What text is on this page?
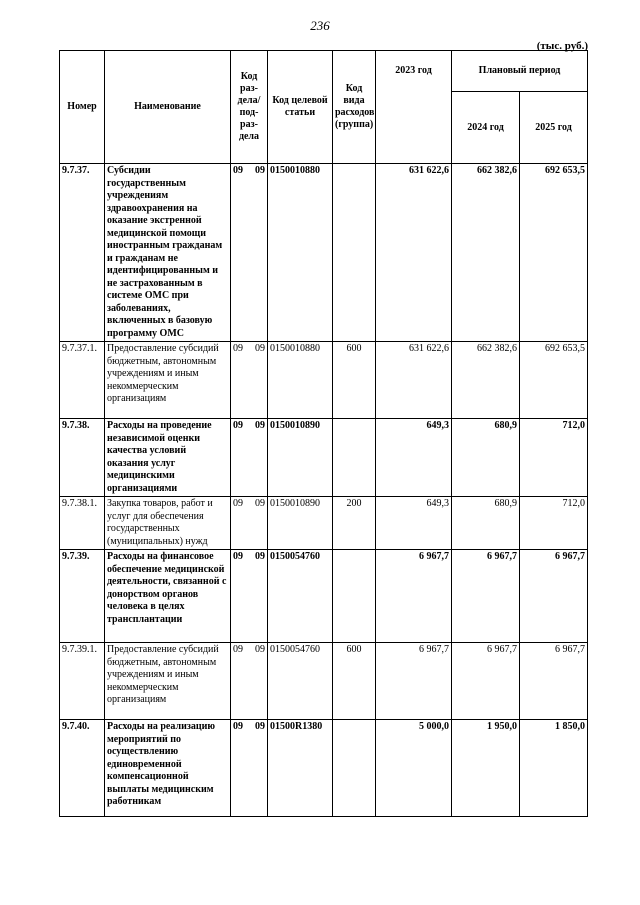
236
(тыс. руб.)
Номер	Наименование	Код раз-дела/ под-раз-дела	Код целевой статьи	Код вида расходов (группа)	2023 год	Плановый период	
						2024 год	2025 год
9.7.37.	Субсидии государственным учреждениям здравоохранения на оказание экстренной медицинской помощи иностранным гражданам и гражданам не идентифицированным и не застрахованным в системе ОМС при заболеваниях, включенных в базовую программу ОМС	09 09	0150010880		631 622,6	662 382,6	692 653,5
9.7.37.1.	Предоставление субсидий бюджетным, автономным учреждениям и иным некоммерческим организациям	09 09	0150010880	600	631 622,6	662 382,6	692 653,5
9.7.38.	Расходы на проведение независимой оценки качества условий оказания услуг медицинскими организациями	09 09	0150010890		649,3	680,9	712,0
9.7.38.1.	Закупка товаров, работ и услуг для обеспечения государственных (муниципальных) нужд	09 09	0150010890	200	649,3	680,9	712,0
9.7.39.	Расходы на финансовое обеспечение медицинской деятельности, связанной с донорством органов человека в целях трансплантации	09 09	0150054760		6 967,7	6 967,7	6 967,7
9.7.39.1.	Предоставление субсидий бюджетным, автономным учреждениям и иным некоммерческим организациям	09 09	0150054760	600	6 967,7	6 967,7	6 967,7
9.7.40.	Расходы на реализацию мероприятий по осуществлению единовременной компенсационной выплаты медицинским работникам	09 09	01500R1380		5 000,0	1 950,0	1 850,0
